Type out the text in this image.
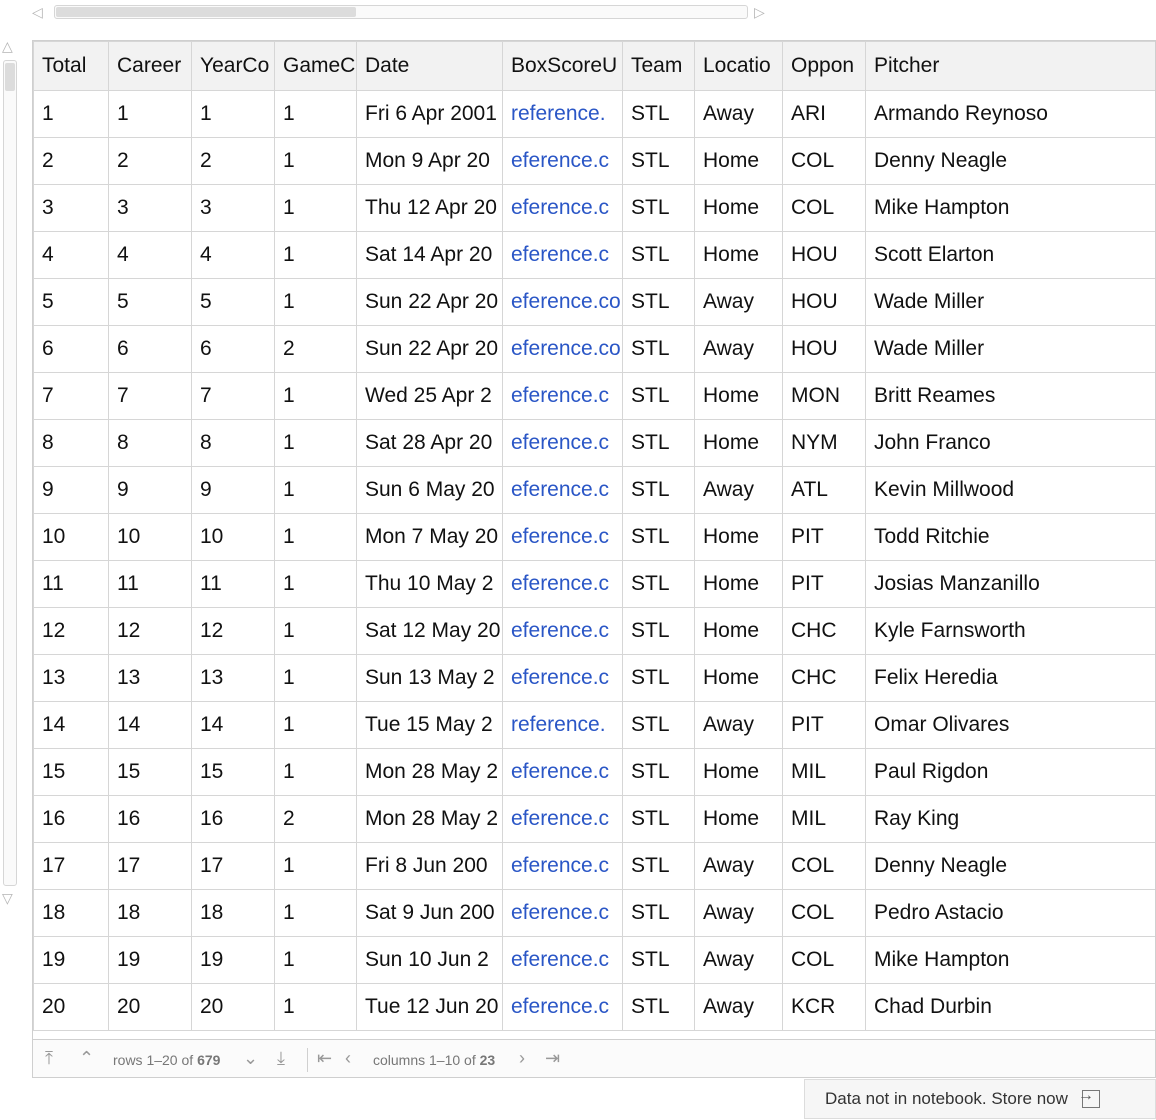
◁	▷
△
▽
Total	Career	YearCo	GameC	Date	BoxScoreU	Team	Locatio	Oppon	Pitcher
1	1	1	1	Fri 6 Apr 2001	reference.	STL	Away	ARI	Armando Reynoso
2	2	2	1	Mon 9 Apr 20	eference.c	STL	Home	COL	Denny Neagle
3	3	3	1	Thu 12 Apr 20	eference.c	STL	Home	COL	Mike Hampton
4	4	4	1	Sat 14 Apr 20	eference.c	STL	Home	HOU	Scott Elarton
5	5	5	1	Sun 22 Apr 20	eference.co	STL	Away	HOU	Wade Miller
6	6	6	2	Sun 22 Apr 20	eference.co	STL	Away	HOU	Wade Miller
7	7	7	1	Wed 25 Apr 2	eference.c	STL	Home	MON	Britt Reames
8	8	8	1	Sat 28 Apr 20	eference.c	STL	Home	NYM	John Franco
9	9	9	1	Sun 6 May 20	eference.c	STL	Away	ATL	Kevin Millwood
10	10	10	1	Mon 7 May 20	eference.c	STL	Home	PIT	Todd Ritchie
11	11	11	1	Thu 10 May 2	eference.c	STL	Home	PIT	Josias Manzanillo
12	12	12	1	Sat 12 May 20	eference.c	STL	Home	CHC	Kyle Farnsworth
13	13	13	1	Sun 13 May 2	eference.c	STL	Home	CHC	Felix Heredia
14	14	14	1	Tue 15 May 2	reference.	STL	Away	PIT	Omar Olivares
15	15	15	1	Mon 28 May 2	eference.c	STL	Home	MIL	Paul Rigdon
16	16	16	2	Mon 28 May 2	eference.c	STL	Home	MIL	Ray King
17	17	17	1	Fri 8 Jun 200	eference.c	STL	Away	COL	Denny Neagle
18	18	18	1	Sat 9 Jun 200	eference.c	STL	Away	COL	Pedro Astacio
19	19	19	1	Sun 10 Jun 2	eference.c	STL	Away	COL	Mike Hampton
20	20	20	1	Tue 12 Jun 20	eference.c	STL	Away	KCR	Chad Durbin
⤒ ⌃ rows 1–20 of 679 ⌄ ⤓ ⇤ ‹ columns 1–10 of 23 › ⇥
Data not in notebook. Store now
→
